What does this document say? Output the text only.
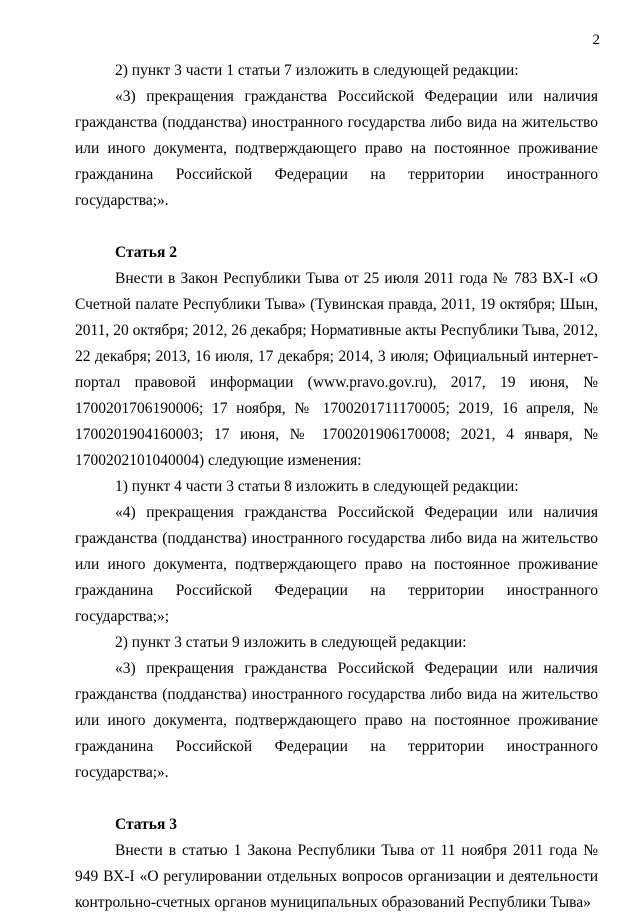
2

2) пункт 3 части 1 статьи 7 изложить в следующей редакции:

«3) прекращения гражданства Российской Федерации или наличия гражданства (подданства) иностранного государства либо вида на жительство или иного документа, подтверждающего право на постоянное проживание гражданина Российской Федерации на территории иностранного государства;».

Статья 2

Внести в Закон Республики Тыва от 25 июля 2011 года № 783 ВХ-I «О Счетной палате Республики Тыва» (Тувинская правда, 2011, 19 октября; Шын, 2011, 20 октября; 2012, 26 декабря; Нормативные акты Республики Тыва, 2012, 22 декабря; 2013, 16 июля, 17 декабря; 2014, 3 июля; Официальный интернет-портал правовой информации (www.pravo.gov.ru), 2017, 19 июня, № 1700201706190006; 17 ноября, № 1700201711170005; 2019, 16 апреля, № 1700201904160003; 17 июня, № 1700201906170008; 2021, 4 января, № 1700202101040004) следующие изменения:

1) пункт 4 части 3 статьи 8 изложить в следующей редакции:

«4) прекращения гражданства Российской Федерации или наличия гражданства (подданства) иностранного государства либо вида на жительство или иного документа, подтверждающего право на постоянное проживание гражданина Российской Федерации на территории иностранного государства;»;

2) пункт 3 статьи 9 изложить в следующей редакции:

«3) прекращения гражданства Российской Федерации или наличия гражданства (подданства) иностранного государства либо вида на жительство или иного документа, подтверждающего право на постоянное проживание гражданина Российской Федерации на территории иностранного государства;».

Статья 3

Внести в статью 1 Закона Республики Тыва от 11 ноября 2011 года № 949 ВХ-I «О регулировании отдельных вопросов организации и деятельности контрольно-счетных органов муниципальных образований Республики Тыва»
